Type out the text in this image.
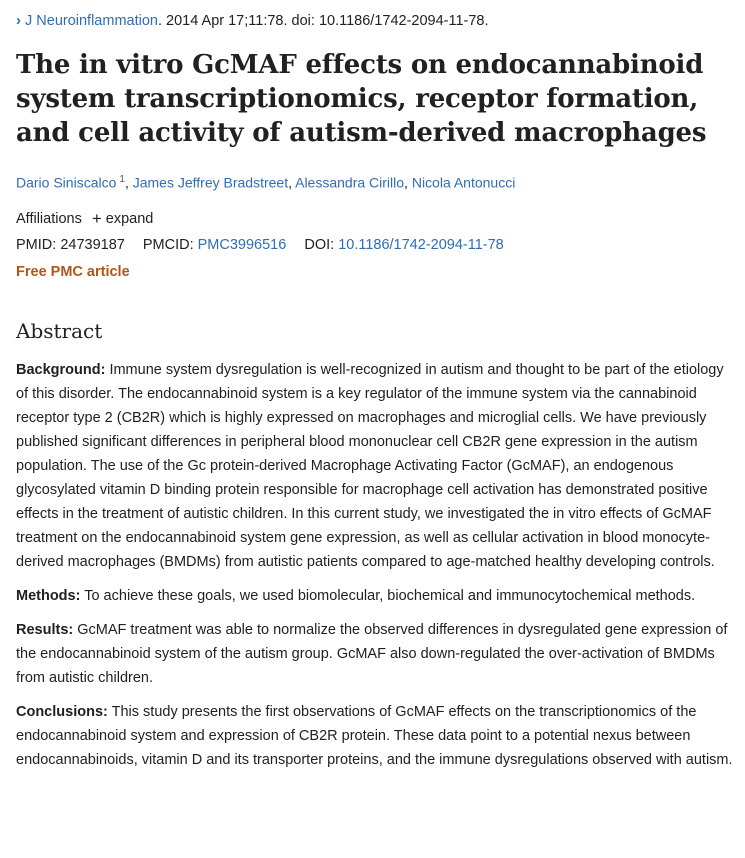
› J Neuroinflammation . 2014 Apr 17;11:78. doi: 10.1186/1742-2094-11-78.

The in vitro GcMAF effects on endocannabinoid system transcriptionomics, receptor formation, and cell activity of autism-derived macrophages
Dario Siniscalco $^1$, James Jeffrey Bradstreet, Alessandra Cirillo, Nicola Antonucci
Affiliations + expand
PMID: 24739187 PMCID: PMC3996516 DOI: 10.1186/1742-2094-11-78
Free PMC article
Abstract

Background: Immune system dysregulation is well-recognized in autism and thought to be part of the etiology of this disorder. The endocannabinoid system is a key regulator of the immune system via the cannabinoid receptor type 2 (CB2R) which is highly expressed on macrophages and microglial cells. We have previously published significant differences in peripheral blood mononuclear cell CB2R gene expression in the autism population. The use of the Gc protein-derived Macrophage Activating Factor (GcMAF), an endogenous glycosylated vitamin D binding protein responsible for macrophage cell activation has demonstrated positive effects in the treatment of autistic children. In this current study, we investigated the in vitro effects of GcMAF treatment on the endocannabinoid system gene expression, as well as cellular activation in blood monocyte-derived macrophages (BMDMs) from autistic patients compared to age-matched healthy developing controls.

Methods: To achieve these goals, we used biomolecular, biochemical and immunocytochemical methods.

Results: GcMAF treatment was able to normalize the observed differences in dysregulated gene expression of the endocannabinoid system of the autism group. GcMAF also down-regulated the over-activation of BMDMs from autistic children.

Conclusions: This study presents the first observations of GcMAF effects on the transcriptionomics of the endocannabinoid system and expression of CB2R protein. These data point to a potential nexus between endocannabinoids, vitamin D and its transporter proteins, and the immune dysregulations observed with autism.
